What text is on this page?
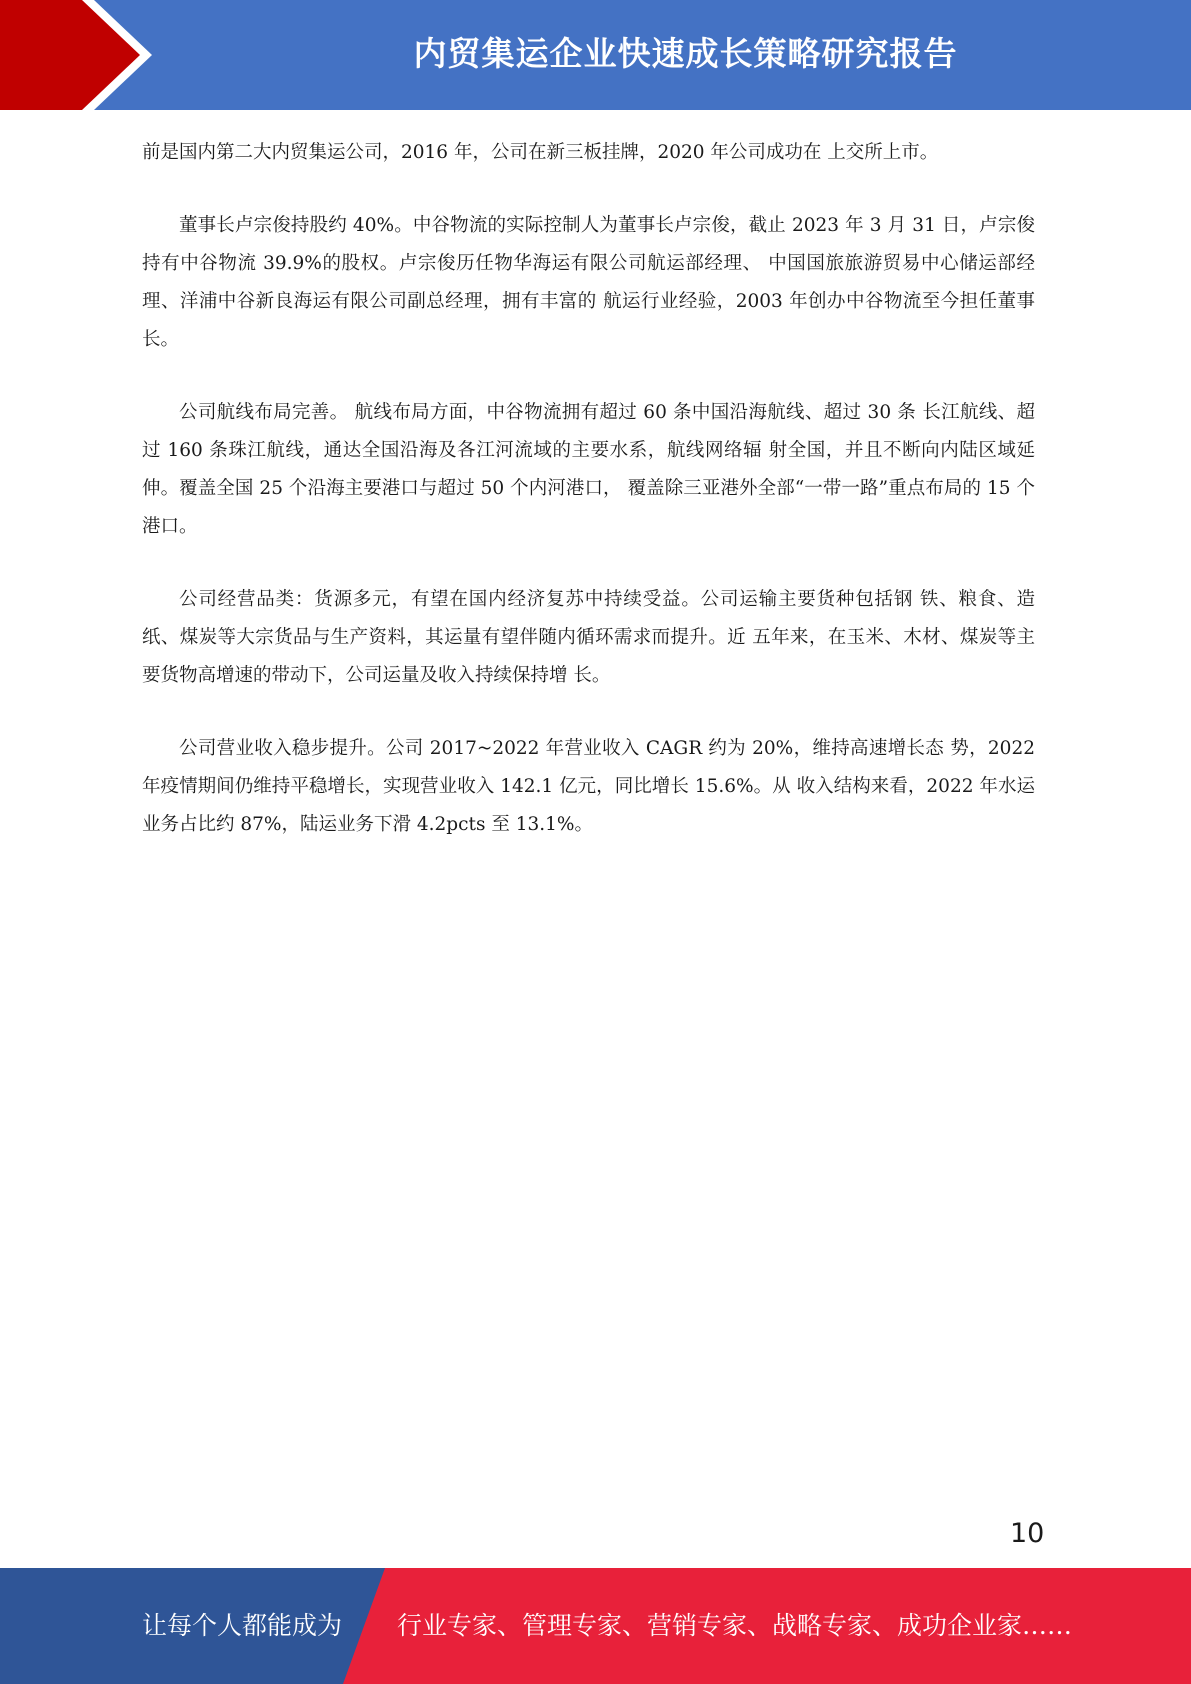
内贸集运企业快速成长策略研究报告

前是国内第二大内贸集运公司，2016 年，公司在新三板挂牌，2020 年公司成功在 上交所上市。

董事长卢宗俊持股约 40%。中谷物流的实际控制人为董事长卢宗俊，截止 2023 年 3 月 31 日，卢宗俊持有中谷物流 39.9%的股权。卢宗俊历任物华海运有限公司航运部经理、 中国国旅旅游贸易中心储运部经理、洋浦中谷新良海运有限公司副总经理，拥有丰富的 航运行业经验，2003 年创办中谷物流至今担任董事长。

公司航线布局完善。 航线布局方面，中谷物流拥有超过 60 条中国沿海航线、超过 30 条 长江航线、超过 160 条珠江航线，通达全国沿海及各江河流域的主要水系，航线网络辐 射全国，并且不断向内陆区域延伸。覆盖全国 25 个沿海主要港口与超过 50 个内河港口， 覆盖除三亚港外全部“一带一路”重点布局的 15 个港口。

公司经营品类：货源多元，有望在国内经济复苏中持续受益。公司运输主要货种包括钢 铁、粮食、造纸、煤炭等大宗货品与生产资料，其运量有望伴随内循环需求而提升。近 五年来，在玉米、木材、煤炭等主要货物高增速的带动下，公司运量及收入持续保持增 长。

公司营业收入稳步提升。公司 2017~2022 年营业收入 CAGR 约为 20%，维持高速增长态 势，2022 年疫情期间仍维持平稳增长，实现营业收入 142.1 亿元，同比增长 15.6%。从 收入结构来看，2022 年水运业务占比约 87%，陆运业务下滑 4.2pcts 至 13.1%。

10
让每个人都能成为 行业专家、管理专家、营销专家、战略专家、成功企业家……
